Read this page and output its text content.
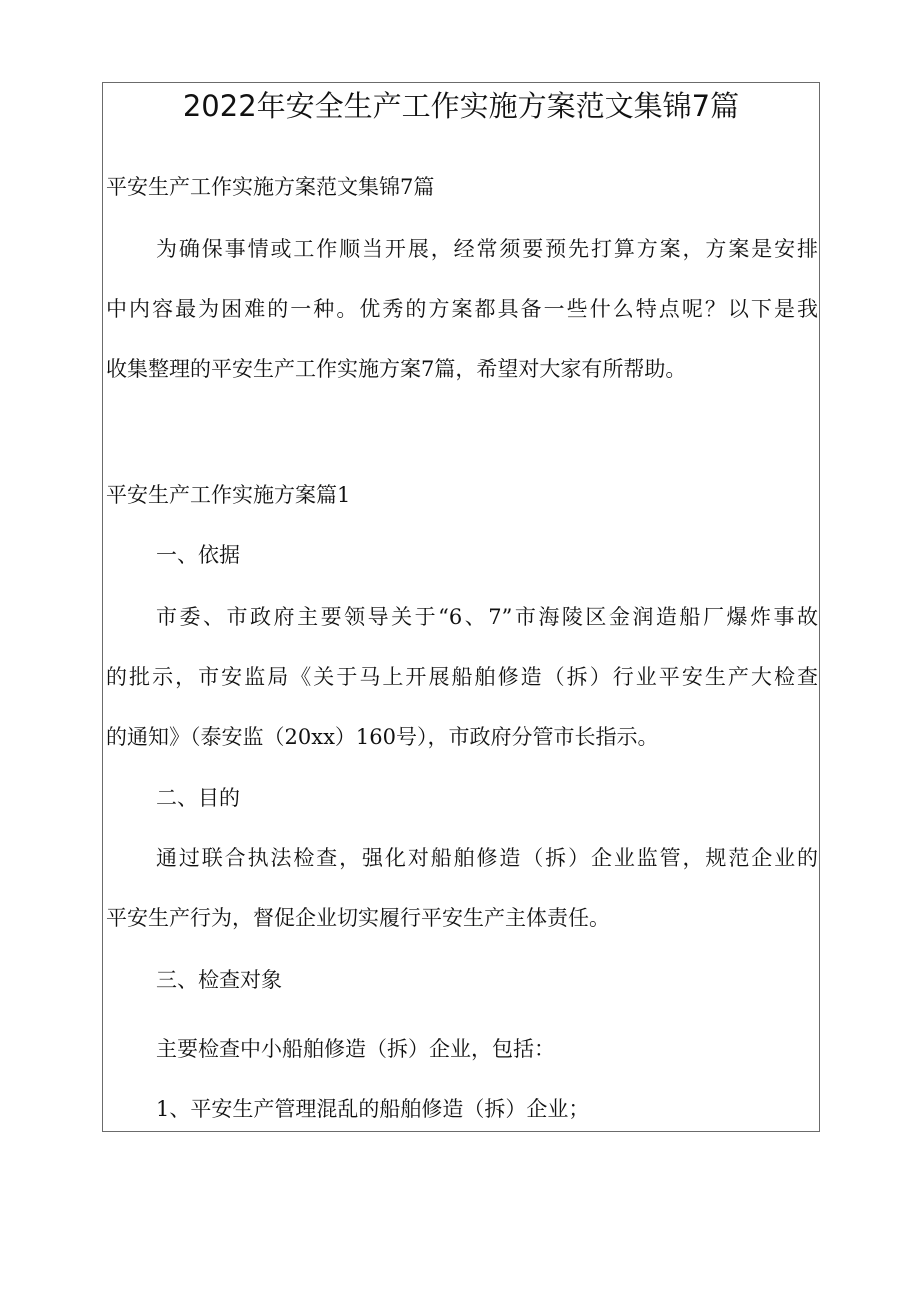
2022年安全生产工作实施方案范文集锦7篇

平安生产工作实施方案范文集锦7篇

为确保事情或工作顺当开展，经常须要预先打算方案，方案是安排

中内容最为困难的一种。优秀的方案都具备一些什么特点呢？以下是我

收集整理的平安生产工作实施方案7篇，希望对大家有所帮助。

平安生产工作实施方案篇1

一、依据

市委、市政府主要领导关于“6、7”市海陵区金润造船厂爆炸事故

的批示，市安监局《关于马上开展船舶修造（拆）行业平安生产大检查

的通知》（泰安监（20xx）160号），市政府分管市长指示。

二、目的

通过联合执法检查，强化对船舶修造（拆）企业监管，规范企业的

平安生产行为，督促企业切实履行平安生产主体责任。

三、检查对象

主要检查中小船舶修造（拆）企业，包括：

1、平安生产管理混乱的船舶修造（拆）企业；
